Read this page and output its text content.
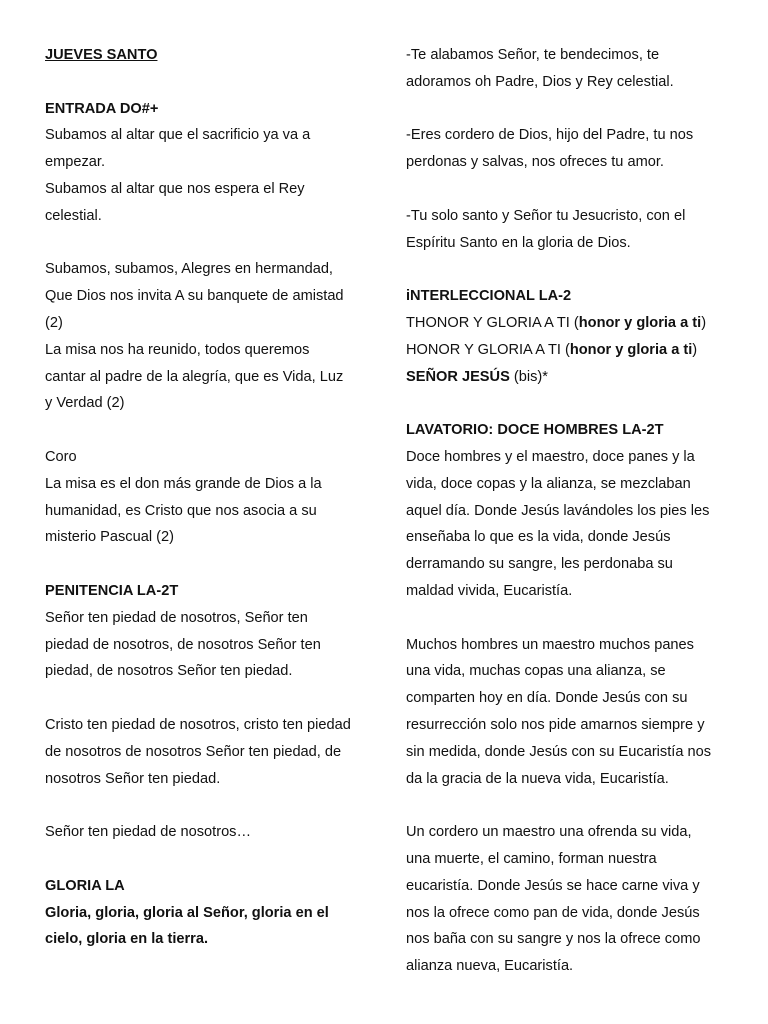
JUEVES SANTO
ENTRADA DO#+
Subamos al altar que el sacrificio ya va a
empezar.
Subamos al altar que nos espera el Rey
celestial.
Subamos, subamos, Alegres en hermandad,
Que Dios nos invita A su banquete de amistad
(2)
La misa nos ha reunido, todos queremos
cantar al padre de la alegría, que es Vida, Luz
y Verdad (2)
Coro
La misa es el don más grande de Dios a la
humanidad, es Cristo que nos asocia a su
misterio Pascual (2)
PENITENCIA LA-2T
Señor ten piedad de nosotros, Señor ten
piedad de nosotros, de nosotros Señor ten
piedad, de nosotros Señor ten piedad.
Cristo ten piedad de nosotros, cristo ten piedad
de nosotros de nosotros Señor ten piedad, de
nosotros Señor ten piedad.
Señor ten piedad de nosotros…
GLORIA LA
Gloria, gloria, gloria al Señor, gloria en el
cielo, gloria en la tierra.
-Te alabamos Señor, te bendecimos, te
adoramos oh Padre, Dios y Rey celestial.
-Eres cordero de Dios, hijo del Padre, tu nos
perdonas y salvas, nos ofreces tu amor.
-Tu solo santo y Señor tu Jesucristo, con el
Espíritu Santo en la gloria de Dios.
iNTERLECCIONAL LA-2
THONOR Y GLORIA A TI (honor y gloria a ti)
HONOR Y GLORIA A TI (honor y gloria a ti)
SEÑOR JESÚS (bis)*
LAVATORIO: DOCE HOMBRES LA-2T
Doce hombres y el maestro, doce panes y la
vida, doce copas y la alianza, se mezclaban
aquel día. Donde Jesús lavándoles los pies les
enseñaba lo que es la vida, donde Jesús
derramando su sangre, les perdonaba su
maldad vivida, Eucaristía.
Muchos hombres un maestro muchos panes
una vida, muchas copas una alianza, se
comparten hoy en día. Donde Jesús con su
resurrección solo nos pide amarnos siempre y
sin medida, donde Jesús con su Eucaristía nos
da la gracia de la nueva vida, Eucaristía.
Un cordero un maestro una ofrenda su vida,
una muerte, el camino, forman nuestra
eucaristía. Donde Jesús se hace carne viva y
nos la ofrece como pan de vida, donde Jesús
nos baña con su sangre y nos la ofrece como
alianza nueva, Eucaristía.
